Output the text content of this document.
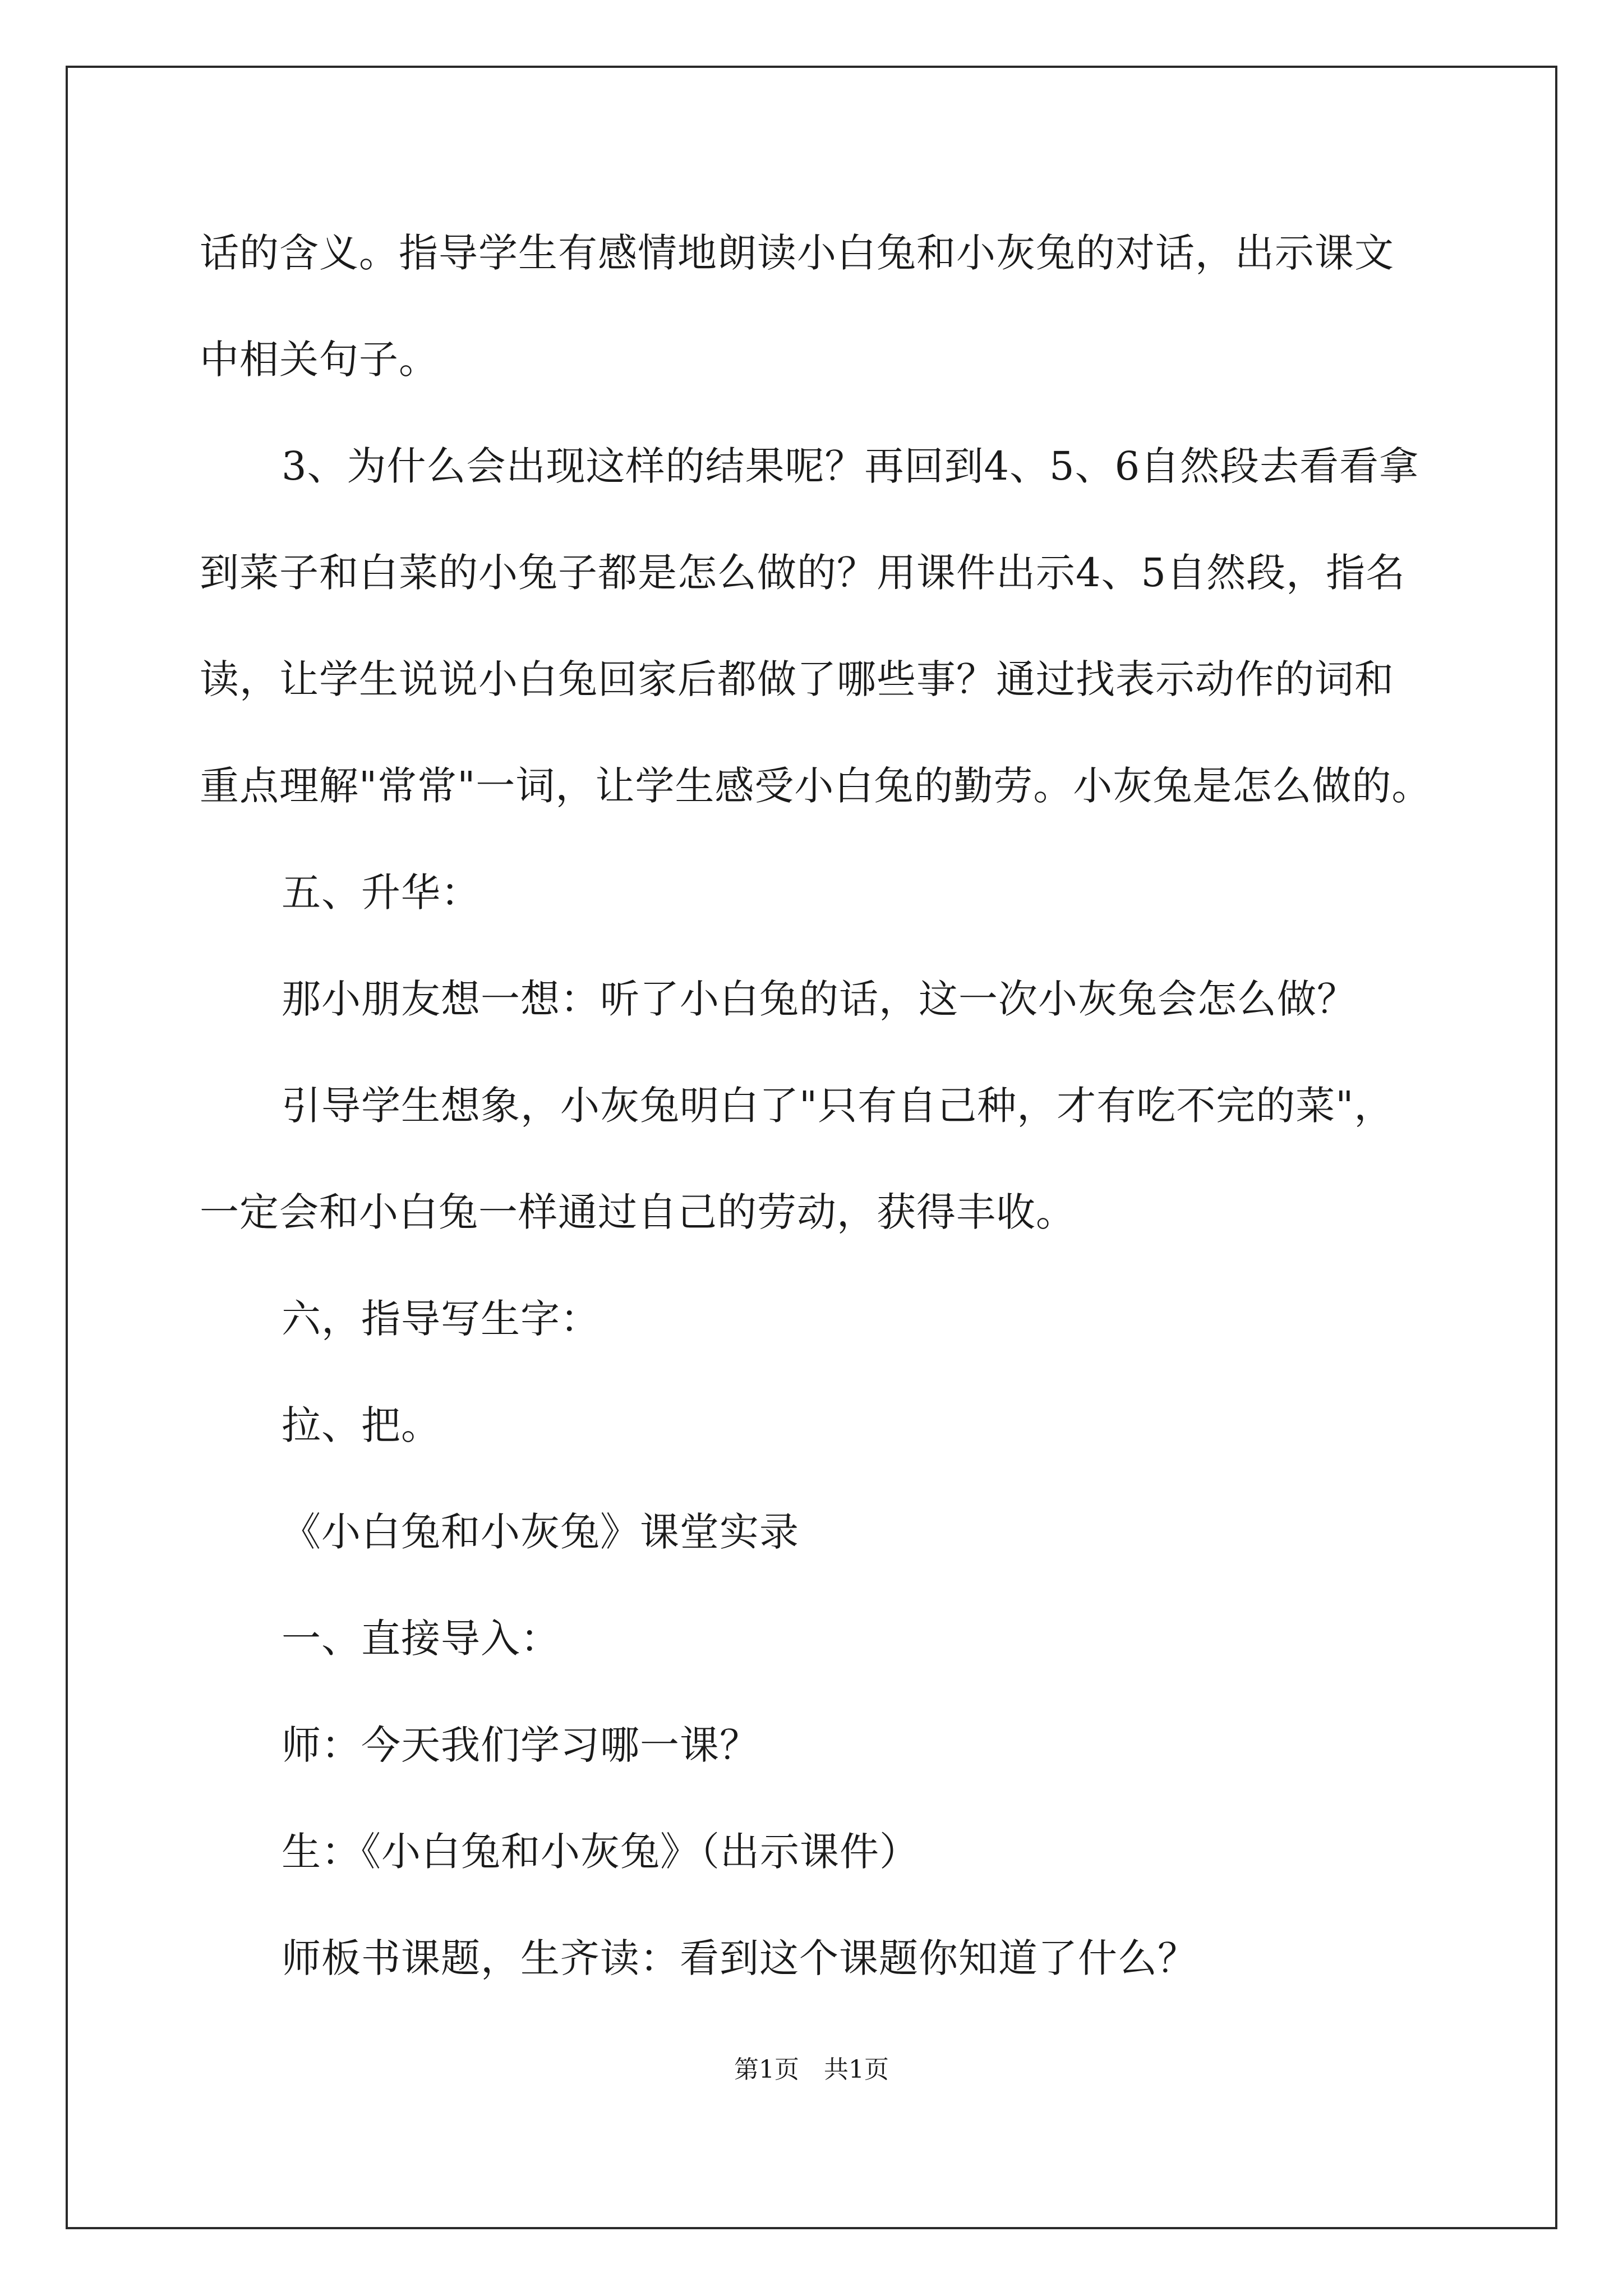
话的含义。指导学生有感情地朗读小白兔和小灰兔的对话，出示课文
中相关句子。
3、为什么会出现这样的结果呢？再回到4、5、6自然段去看看拿
到菜子和白菜的小兔子都是怎么做的？用课件出示4、5自然段，指名
读，让学生说说小白兔回家后都做了哪些事？通过找表示动作的词和
重点理解"常常"一词，让学生感受小白兔的勤劳。小灰兔是怎么做的。
五、升华：
那小朋友想一想：听了小白兔的话，这一次小灰兔会怎么做？
引导学生想象，小灰兔明白了"只有自己种，才有吃不完的菜"，
一定会和小白兔一样通过自己的劳动，获得丰收。
六，指导写生字：
拉、把。
《小白兔和小灰兔》课堂实录
一、直接导入：
师：今天我们学习哪一课？
生：《小白兔和小灰兔》（出示课件）
师板书课题，生齐读：看到这个课题你知道了什么？
第1页　共1页
